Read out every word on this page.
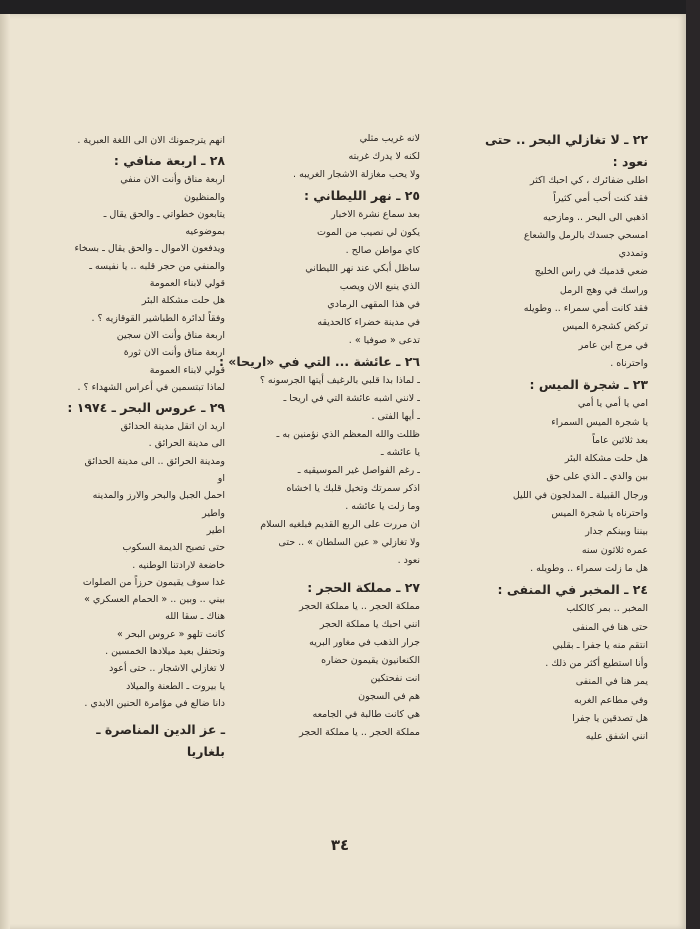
٢٢ ـ لا تغازلي البحر .. حتى
نعود :
اطلى ضفائرك ، كي احبك اكثر
فقد كنت أحب أمي كثيراً
اذهبي الى البحر .. ومازحيه
امسحي جسدك بالرمل والشعاع
وتمددي
ضعي قدميك في راس الخليج
وراسك في وهج الرمل
فقد كانت أمي سمراء .. وطويله
تركض كشجرة الميس
في مرج ابن عامر
واحترناه .
٢٣ ـ شجرة الميس :
امي يا أمي يا أمي
يا شجرة الميس السمراء
بعد ثلاثين عاماً
هل حلت مشكلة البئر
بين والدي ـ الذي على حق
ورجال القبيلة ـ المدلجون في الليل
واحترناه يا شجرة الميس
بيننا وبينكم جدار
عمره ثلاثون سنه
هل ما زلت سمراء .. وطويله .
٢٤ ـ المخبر في المنفى :
المخبر .. بمر كالكلب
حتى هنا في المنفى
انتقم منه يا جفرا ـ بقلبي
وأنا استطيع أكثر من ذلك .
يمر هنا في المنفى
وفي مطاعم الغربه
هل تصدقين يا جفرا
انني اشفق عليه
لانه غريب مثلي
لكنه لا يدرك غربته
ولا يحب مغازلة الاشجار الغريبه .
٢٥ ـ نهر الليطاني :
بعد سماع نشرة الاخبار
يكون لي نصيب من الموت
كاي مواطن صالح .
ساظل أبكي عند نهر الليطاني
الذي ينبع الان ويصب
في هذا المقهى الرمادي
في مدينة خضراء كالحديقه
تدعى « صوفيا » .
٢٦ ـ عائشة ... التي في «اريحا» :
ـ لماذا بدا قلبي بالرغيف أيتها الجرسونه ؟
ـ لانني اشبه عائشة التي في اريحا ـ
ـ أيها الفتى .
ظللت والله المعظم الذي نؤمنين به ـ
يا عائشه ـ
ـ رغم الفواصل غير الموسيقيه ـ
اذكر سمرتك وتخيل قلبك يا اخشاه
وما زلت يا عائشه .
ان مررت على الربع القديم فبلغيه السلام
ولا تغازلي « عين السلطان » .. حتى
نعود .
٢٧ ـ مملكة الحجر :
مملكة الحجر .. يا مملكة الحجر
انني احبك يا مملكة الحجر
جرار الذهب في مغاور البريه
الكنعانيون يقيمون حضاره
انت نفحتكين
هم في السجون
هي كانت طالبة في الجامعه
مملكة الحجر .. يا مملكة الحجر
انهم يترجمونك الان الى اللغة العبرية .
٢٨ ـ اربعة منافي :
اربعة مناق وأنت الان منفي
والمنظيون
يتابعون خطواتي ـ والحق يقال ـ
بموضوعيه
ويدفعون الاموال ـ والحق يقال ـ بسخاء
والمنفي من حجر قلبه .. يا نفيسه ـ
قولي لابناء العمومة
هل حلت مشكلة البئر
وفقاً لدائرة الطباشير القوقازيه ؟ .
اربعة مناق وأنت الان سجين
اربعة مناق وأنت الان ثورة
قولي لابناء العمومة
لماذا تبتسمين في أعراس الشهداء ؟ .
٢٩ ـ عروس البحر ـ ١٩٧٤ :
اريد ان اتقل مدينة الحدائق
الى مدينة الحرائق .
ومدينة الحرائق .. الى مدينة الحدائق
او
احمل الجبل والبحر والارز والمدينه
واطير
اطير
حتى تصبح الديمة السكوب
خاضعة لارادتنا الوطنيه .
غدا سوف يقيمون حرزاً من الصلوات
بيني .. وبين .. « الحمام العسكري »
هناك ـ سقا الله
كانت تلهو « عروس البحر »
وتحتفل بعيد ميلادها الخمسين .
لا تغازلي الاشجار .. حتى أعود
يا بيروت ـ الطعنة والميلاد
دانا ضالع في مؤامرة الحنين الابدي .
ـ عز الدين المناصرة ـ
بلغاريا
٣٤
